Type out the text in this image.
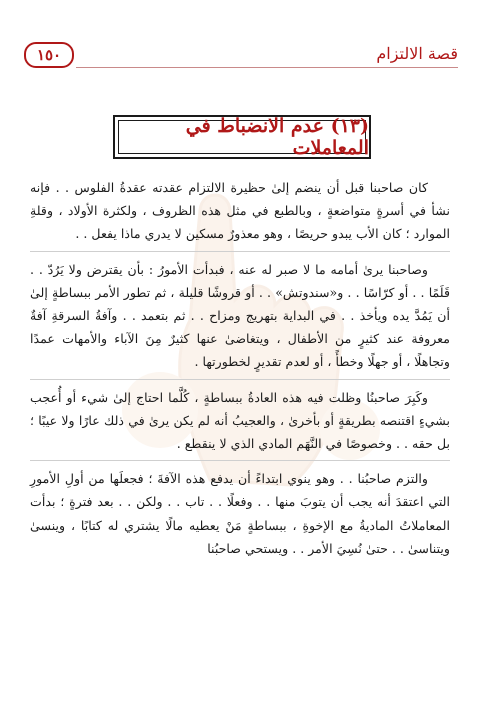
١٥٠	قصة الالتزام
(١٣) عدم الانضباط في المعاملات

كان صاحبنا قبل أن ينضم إلىٰ حظيرة الالتزام عقدته عقدةُ الفلوس . . فإنه نشأ في أسرةٍ متواضعةٍ ، وبالطبع في مثل هذه الظروف ، ولكثرة الأولاد ، وقلةِ الموارد ؛ كان الأب يبدو حريصًا ، وهو معذورٌ مسكين لا يدري ماذا يفعل . .

وصاحبنا يرىٰ أمامه ما لا صبر له عنه ، فبدأت الأمورُ : بأن يقترض ولا يَرُدّ . . قَلَمًا . . أو كرّاسًا . . و«سندوتش» . . أو قروشًا قليلة ، ثم تطور الأمر ببساطةٍ إلىٰ أن يَمُدَّ يده ويأخذ . . في البداية بتهريج ومزاح . . ثم بتعمد . . وآفةُ السرقةِ آفةٌ معروفة عند كثيرٍ من الأطفال ، ويتغاضىٰ عنها كثيرٌ مِنَ الآباء والأمهات عمدًا وتجاهلًا ، أو جهلًا وخطأً ، أو لعدم تقديرٍ لخطورتها .

وكَبِرَ صاحبنُا وظلت فيه هذه العادةُ ببساطةٍ ، كُلَّما احتاج إلىٰ شيء أو أُعجب بشيءٍ اقتنصه بطريقةٍ أو بأخرىٰ ، والعجيبُ أنه لم يكن يرىٰ في ذلك عارًا ولا عيبًا ؛ بل حقه . . وخصوصًا في النَّهَم المادي الذي لا ينقطع .

والتزم صاحبُنا . . وهو ينوي ابتداءً أن يدفع هذه الآفةَ ؛ فجعلَها من أولِ الأمورِ التي اعتقدَ أنه يجب أن يتوبَ منها . . وفعلًا . . تاب . . ولكن . . بعد فترةٍ ؛ بدأت المعاملاتُ الماديةُ مع الإخوةِ ، ببساطةٍ مَنْ يعطيه مالًا يشتري له كتابًا ، وينسىٰ ويتناسىٰ . . حتىٰ نُسِيَ الأمر . . ويستحي صاحبُنا
